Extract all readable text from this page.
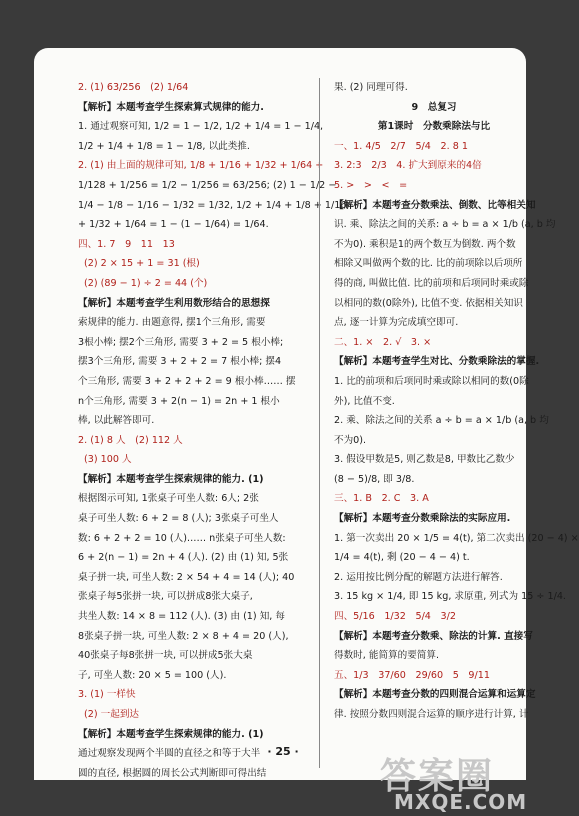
2. (1) 63/256　(2) 1/64
【解析】本题考查学生探索算式规律的能力.
1. 通过观察可知, 1/2 = 1 − 1/2, 1/2 + 1/4 = 1 − 1/4,
1/2 + 1/4 + 1/8 = 1 − 1/8, 以此类推.
2. (1) 由上面的规律可知, 1/8 + 1/16 + 1/32 + 1/64 +
1/128 + 1/256 = 1/2 − 1/256 = 63/256; (2) 1 − 1/2 −
1/4 − 1/8 − 1/16 − 1/32 = 1/32, 1/2 + 1/4 + 1/8 + 1/16
+ 1/32 + 1/64 = 1 − (1 − 1/64) = 1/64.
四、1. 7　9　11　13
(2) 2 × 15 + 1 = 31 (根)
(2) (89 − 1) ÷ 2 = 44 (个)
【解析】本题考查学生利用数形结合的思想探
索规律的能力. 由题意得, 摆1个三角形, 需要
3根小棒; 摆2个三角形, 需要 3 + 2 = 5 根小棒;
摆3个三角形, 需要 3 + 2 + 2 = 7 根小棒; 摆4
个三角形, 需要 3 + 2 + 2 + 2 = 9 根小棒…… 摆
n个三角形, 需要 3 + 2(n − 1) = 2n + 1 根小
棒, 以此解答即可.
2. (1) 8 人　(2) 112 人
(3) 100 人
【解析】本题考查学生探索规律的能力. (1)
根据图示可知, 1张桌子可坐人数: 6人; 2张
桌子可坐人数: 6 + 2 = 8 (人); 3张桌子可坐人
数: 6 + 2 + 2 = 10 (人)…… n张桌子可坐人数:
6 + 2(n − 1) = 2n + 4 (人). (2) 由 (1) 知, 5张
桌子拼一块, 可坐人数: 2 × 54 + 4 = 14 (人); 40
张桌子每5张拼一块, 可以拼成8张大桌子,
共坐人数: 14 × 8 = 112 (人). (3) 由 (1) 知, 每
8张桌子拼一块, 可坐人数: 2 × 8 + 4 = 20 (人),
40张桌子每8张拼一块, 可以拼成5张大桌
子, 可坐人数: 20 × 5 = 100 (人).
3. (1) 一样快
(2) 一起到达
【解析】本题考查学生探索规律的能力. (1)
通过观察发现两个半圆的直径之和等于大半
圆的直径, 根据圆的周长公式判断即可得出结
果. (2) 同理可得.
9　总复习
第1课时　分数乘除法与比
一、1. 4/5　2/7　5/4　2. 8 1
3. 2:3　2/3　4. 扩大到原来的4倍
5. >　>　<　=
【解析】本题考查分数乘法、倒数、比等相关知
识. 乘、除法之间的关系: a ÷ b = a × 1/b (a, b 均
不为0). 乘积是1的两个数互为倒数. 两个数
相除又叫做两个数的比. 比的前项除以后项所
得的商, 叫做比值. 比的前项和后项同时乘或除
以相同的数(0除外), 比值不变. 依据相关知识
点, 逐一计算为完成填空即可.
二、1. ×　2. √　3. ×
【解析】本题考查学生对比、分数乘除法的掌握.
1. 比的前项和后项同时乘或除以相同的数(0除
外), 比值不变.
2. 乘、除法之间的关系 a ÷ b = a × 1/b (a, b 均
不为0).
3. 假设甲数是5, 则乙数是8, 甲数比乙数少
(8 − 5)/8, 即 3/8.
三、1. B　2. C　3. A
【解析】本题考查分数乘除法的实际应用.
1. 第一次卖出 20 × 1/5 = 4(t), 第二次卖出 (20 − 4) ×
1/4 = 4(t), 剩 (20 − 4 − 4) t.
2. 运用按比例分配的解题方法进行解答.
3. 15 kg × 1/4, 即 15 kg, 求原重, 列式为 15 ÷ 1/4.
四、5/16　1/32　5/4　3/2
【解析】本题考查分数乘、除法的计算. 直接写
得数时, 能简算的要简算.
五、1/3　37/60　29/60　5　9/11
【解析】本题考查分数的四则混合运算和运算定
律. 按照分数四则混合运算的顺序进行计算, 计
· 25 ·
答案圈
MXQE.COM
